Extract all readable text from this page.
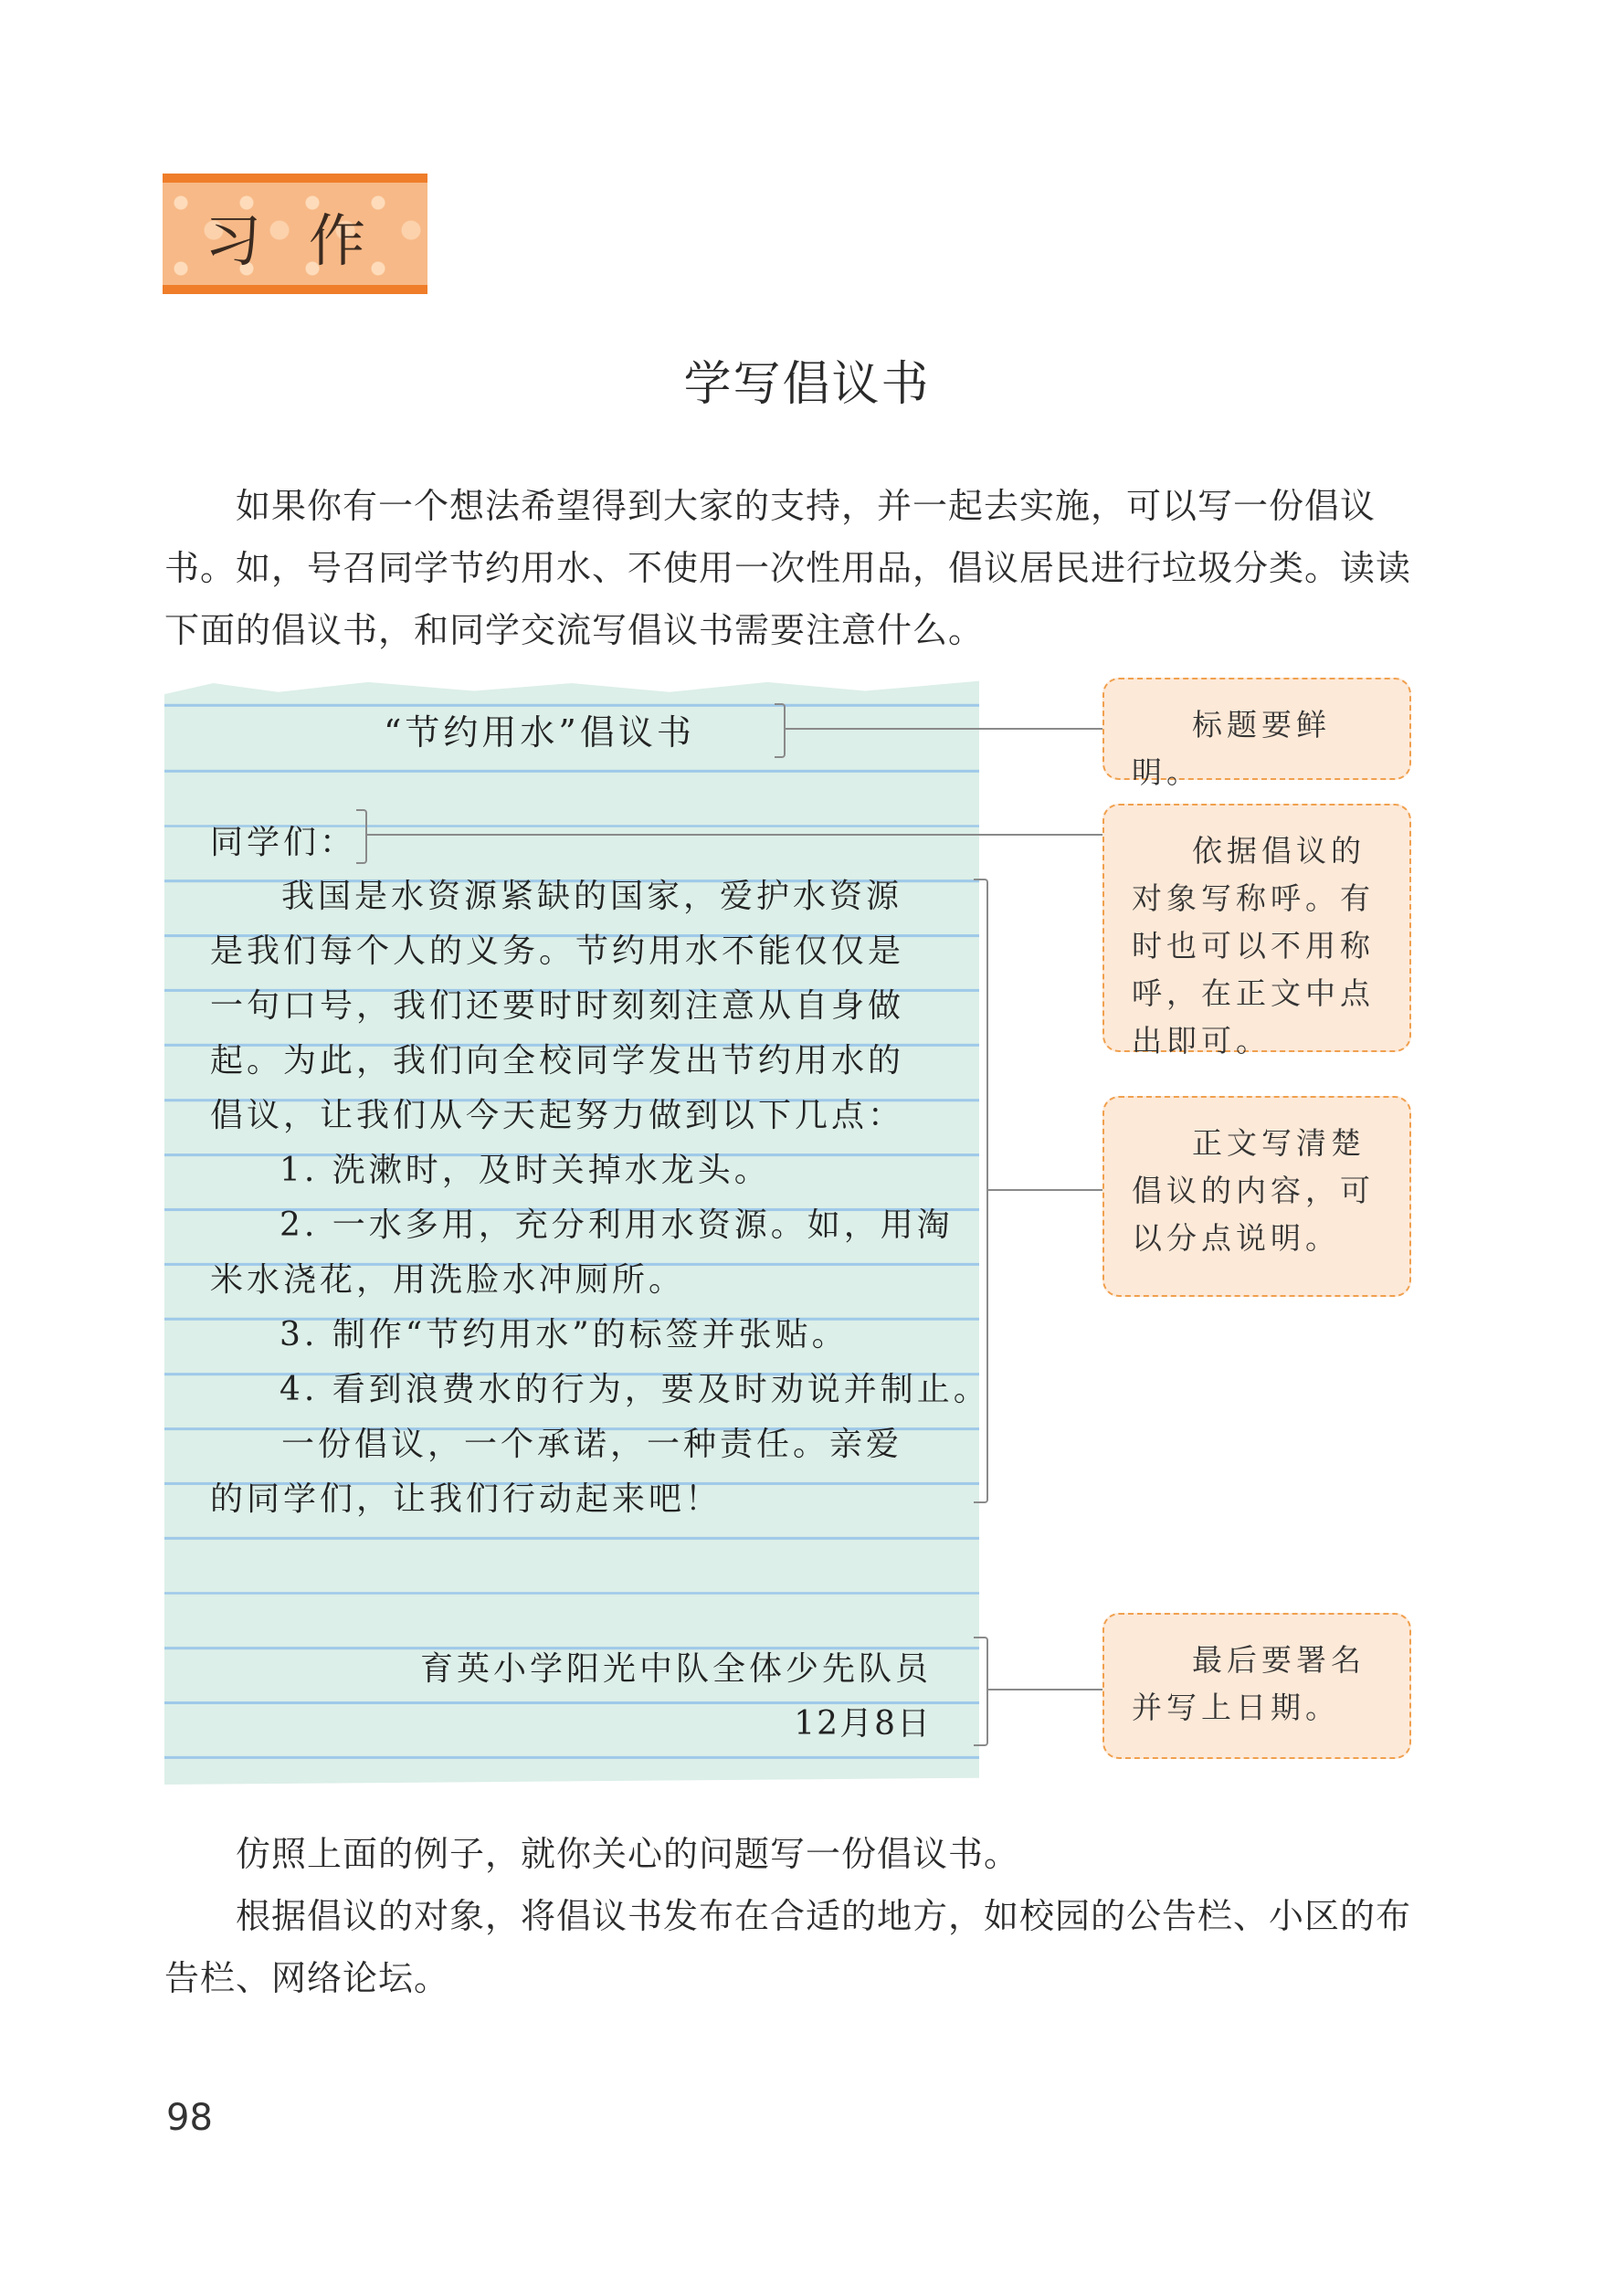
习作
学写倡议书
如果你有一个想法希望得到大家的支持，并一起去实施，可以写一份倡议书。如，号召同学节约用水、不使用一次性用品，倡议居民进行垃圾分类。读读下面的倡议书，和同学交流写倡议书需要注意什么。
“节约用水”倡议书
同学们：
我国是水资源紧缺的国家，爱护水资源
是我们每个人的义务。节约用水不能仅仅是
一句口号，我们还要时时刻刻注意从自身做
起。为此，我们向全校同学发出节约用水的
倡议，让我们从今天起努力做到以下几点：
1. 洗漱时，及时关掉水龙头。
2. 一水多用，充分利用水资源。如，用淘
米水浇花，用洗脸水冲厕所。
3. 制作“节约用水”的标签并张贴。
4. 看到浪费水的行为，要及时劝说并制止。
一份倡议，一个承诺，一种责任。亲爱
的同学们，让我们行动起来吧！
育英小学阳光中队全体少先队员
12月8日
标题要鲜明。
依据倡议的对象写称呼。有时也可以不用称呼，在正文中点出即可。
正文写清楚倡议的内容，可以分点说明。
最后要署名并写上日期。
仿照上面的例子，就你关心的问题写一份倡议书。
根据倡议的对象，将倡议书发布在合适的地方，如校园的公告栏、小区的布告栏、网络论坛。
98
